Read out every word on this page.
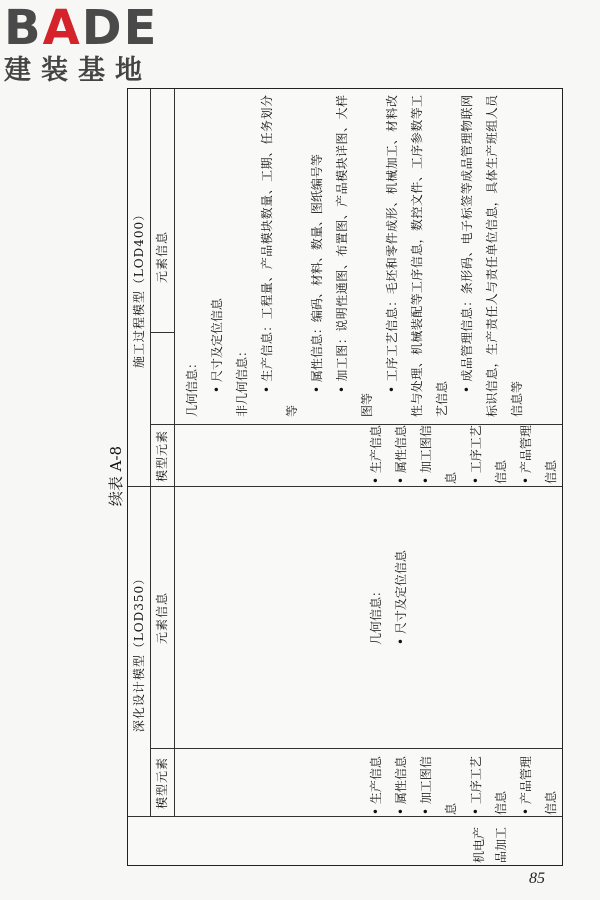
BADE
建装基地
续表 A-8
深化设计模型（LOD350）
施工过程模型（LOD400）
模型元素
元素信息
模型元素
元素信息
机电产品加工
• 生产信息 • 属性信息 • 加工图信息 • 工序工艺信息 • 产品管理信息
几何信息： • 尺寸及定位信息
• 生产信息 • 属性信息 • 加工图信息 • 工序工艺信息 • 产品管理信息

几何信息： • 尺寸及定位信息 非几何信息： • 生产信息：工程量、产品模块数量、工期、任务划分等

• 属性信息：编码、材料、数量、图纸编号等 • 加工图：说明性通图、布置图、产品模块详图、大样图等

• 工序工艺信息：毛坯和零件成形、机械加工、材料改性与处理、机械装配等工序信息，数控文件、工序参数等工艺信息

• 成品管理信息：条形码、电子标签等成品管理物联网标识信息，生产责任人与责任单位信息，具体生产班组人员信息等

85
